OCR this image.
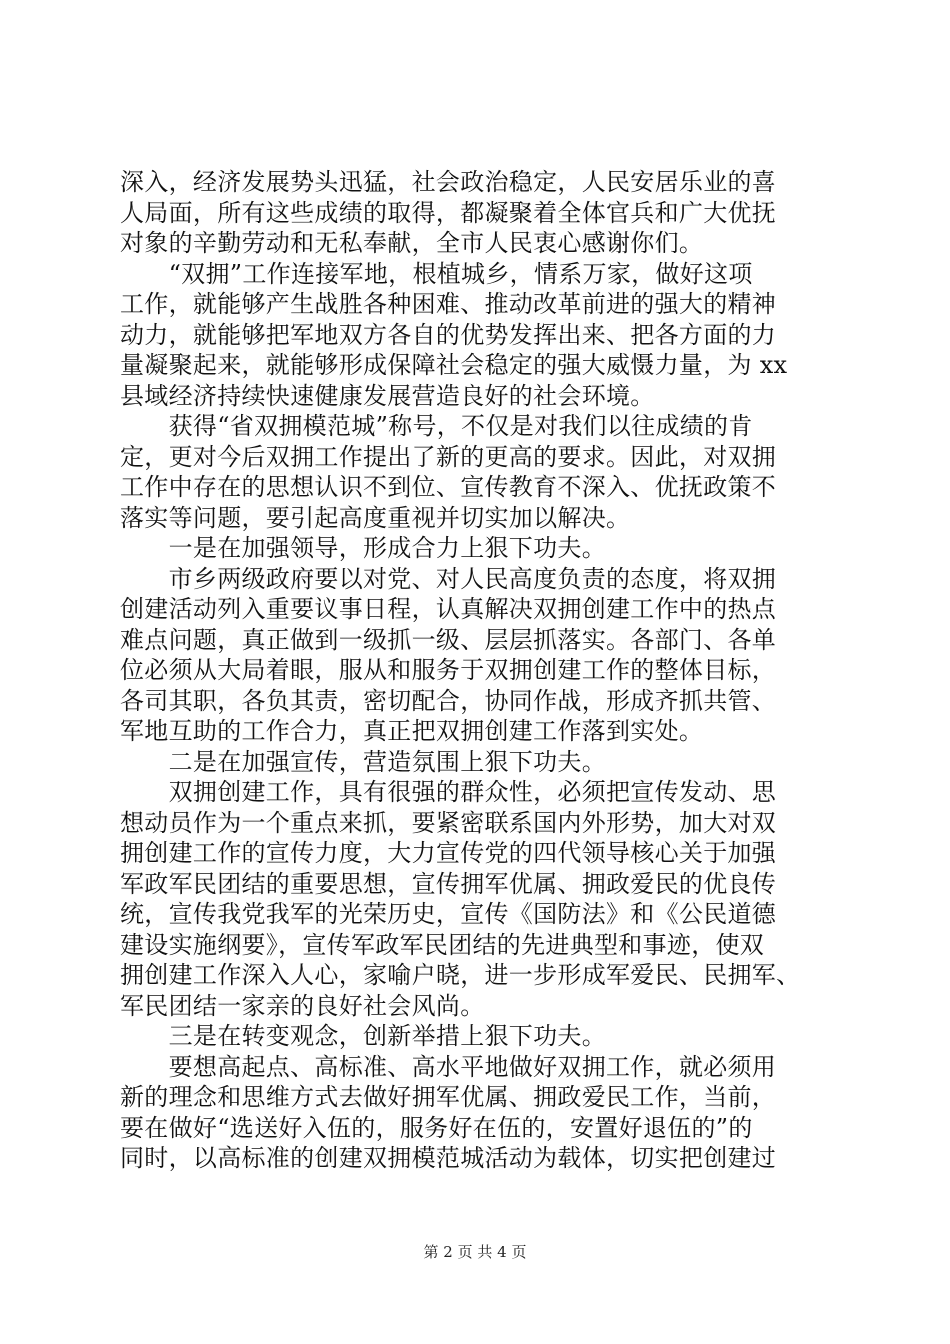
深入，经济发展势头迅猛，社会政治稳定，人民安居乐业的喜
人局面，所有这些成绩的取得，都凝聚着全体官兵和广大优抚
对象的辛勤劳动和无私奉献，全市人民衷心感谢你们。
　　“双拥”工作连接军地，根植城乡，情系万家，做好这项
工作，就能够产生战胜各种困难、推动改革前进的强大的精神
动力，就能够把军地双方各自的优势发挥出来、把各方面的力
量凝聚起来，就能够形成保障社会稳定的强大威慑力量，为 xx
县域经济持续快速健康发展营造良好的社会环境。
　　获得“省双拥模范城”称号，不仅是对我们以往成绩的肯
定，更对今后双拥工作提出了新的更高的要求。因此，对双拥
工作中存在的思想认识不到位、宣传教育不深入、优抚政策不
落实等问题，要引起高度重视并切实加以解决。
　　一是在加强领导，形成合力上狠下功夫。
　　市乡两级政府要以对党、对人民高度负责的态度，将双拥
创建活动列入重要议事日程，认真解决双拥创建工作中的热点
难点问题，真正做到一级抓一级、层层抓落实。各部门、各单
位必须从大局着眼，服从和服务于双拥创建工作的整体目标，
各司其职，各负其责，密切配合，协同作战，形成齐抓共管、
军地互助的工作合力，真正把双拥创建工作落到实处。
　　二是在加强宣传，营造氛围上狠下功夫。
　　双拥创建工作，具有很强的群众性，必须把宣传发动、思
想动员作为一个重点来抓，要紧密联系国内外形势，加大对双
拥创建工作的宣传力度，大力宣传党的四代领导核心关于加强
军政军民团结的重要思想，宣传拥军优属、拥政爱民的优良传
统，宣传我党我军的光荣历史，宣传《国防法》和《公民道德
建设实施纲要》，宣传军政军民团结的先进典型和事迹，使双
拥创建工作深入人心，家喻户晓，进一步形成军爱民、民拥军、
军民团结一家亲的良好社会风尚。
　　三是在转变观念，创新举措上狠下功夫。
　　要想高起点、高标准、高水平地做好双拥工作，就必须用
新的理念和思维方式去做好拥军优属、拥政爱民工作，当前，
要在做好“选送好入伍的，服务好在伍的，安置好退伍的”的
同时，以高标准的创建双拥模范城活动为载体，切实把创建过
第 2 页 共 4 页
